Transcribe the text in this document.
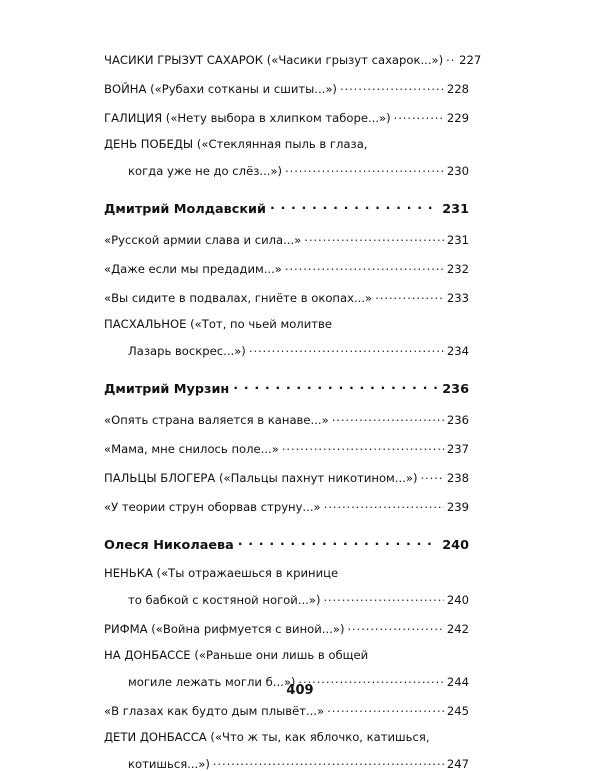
ЧАСИКИ ГРЫЗУТ САХАРОК («Часики грызут сахарок...») . . . 227
ВОЙНА («Рубахи сотканы и сшиты...») . . .	228
ГАЛИЦИЯ («Нету выбора в хлипком таборе...») . . .	229
ДЕНЬ ПОБЕДЫ («Стеклянная пыль в глаза,
когда уже не до слёз...») . . .	230
Дмитрий Молдавский . . .	231
«Русской армии слава и сила...» . . .	231
«Даже если мы предадим...» . . .	232
«Вы сидите в подвалах, гниёте в окопах...» . . .	233
ПАСХАЛЬНОЕ («Тот, по чьей молитве
Лазарь воскрес...») . . .	234
Дмитрий Мурзин . . .	236
«Опять страна валяется в канаве...» . . .	236
«Мама, мне снилось поле...» . . .	237
ПАЛЬЦЫ БЛОГЕРА («Пальцы пахнут никотином...») . . .	238
«У теории струн оборвав струну...» . . .	239
Олеся Николаева . . .	240
НЕНЬКА («Ты отражаешься в кринице
то бабкой с костяной ногой...») . . .	240
РИФМА («Война рифмуется с виной...») . . .	242
НА ДОНБАССЕ («Раньше они лишь в общей
могиле лежать могли б...») . . .	244
«В глазах как будто дым плывёт...» . . .	245
ДЕТИ ДОНБАССА («Что ж ты, как яблочко, катишься,
котишься...») . . .	247
409
